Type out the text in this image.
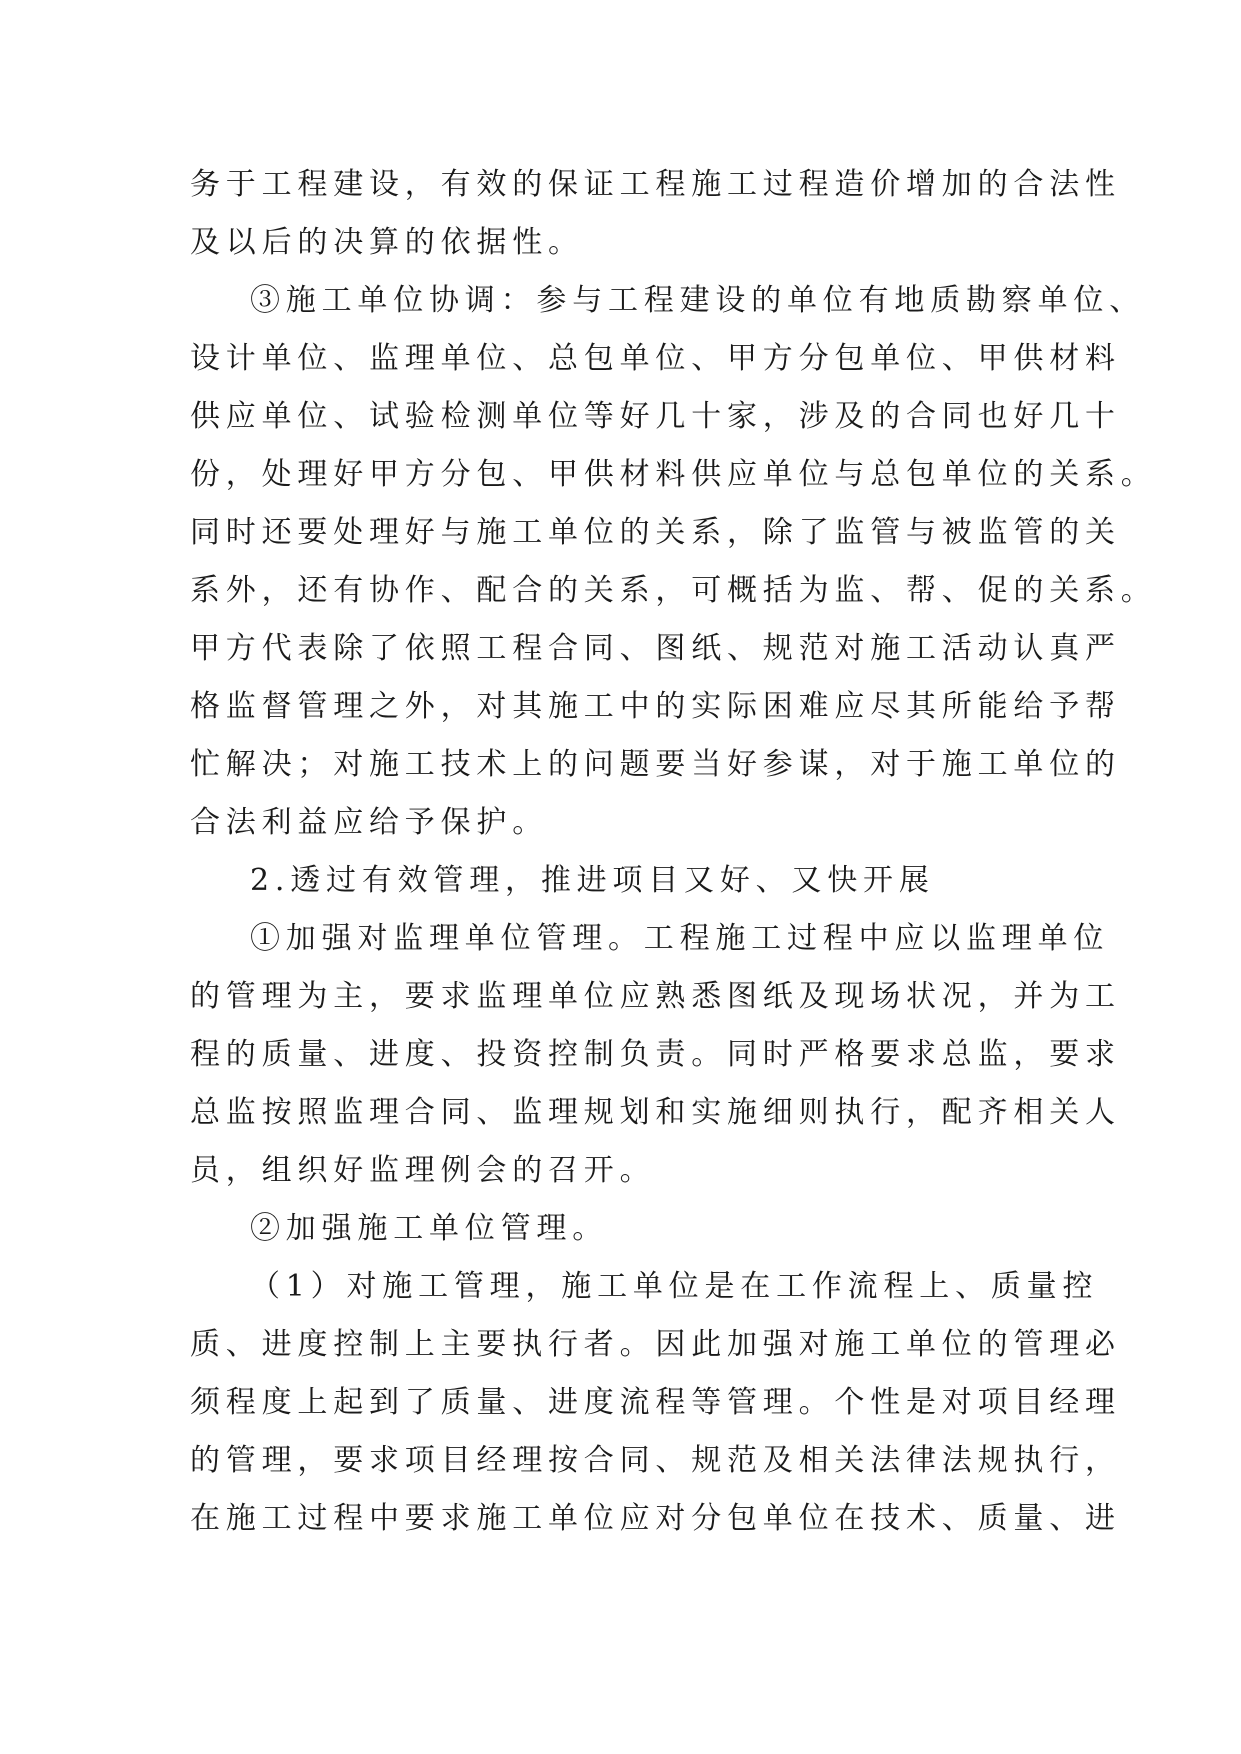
务于工程建设，有效的保证工程施工过程造价增加的合法性
及以后的决算的依据性。
③施工单位协调：参与工程建设的单位有地质勘察单位、
设计单位、监理单位、总包单位、甲方分包单位、甲供材料
供应单位、试验检测单位等好几十家，涉及的合同也好几十
份，处理好甲方分包、甲供材料供应单位与总包单位的关系。
同时还要处理好与施工单位的关系，除了监管与被监管的关
系外，还有协作、配合的关系，可概括为监、帮、促的关系。
甲方代表除了依照工程合同、图纸、规范对施工活动认真严
格监督管理之外，对其施工中的实际困难应尽其所能给予帮
忙解决；对施工技术上的问题要当好参谋，对于施工单位的
合法利益应给予保护。
2.透过有效管理，推进项目又好、又快开展
①加强对监理单位管理。工程施工过程中应以监理单位
的管理为主，要求监理单位应熟悉图纸及现场状况，并为工
程的质量、进度、投资控制负责。同时严格要求总监，要求
总监按照监理合同、监理规划和实施细则执行，配齐相关人
员，组织好监理例会的召开。
②加强施工单位管理。
（1）对施工管理，施工单位是在工作流程上、质量控
质、进度控制上主要执行者。因此加强对施工单位的管理必
须程度上起到了质量、进度流程等管理。个性是对项目经理
的管理，要求项目经理按合同、规范及相关法律法规执行，
在施工过程中要求施工单位应对分包单位在技术、质量、进
